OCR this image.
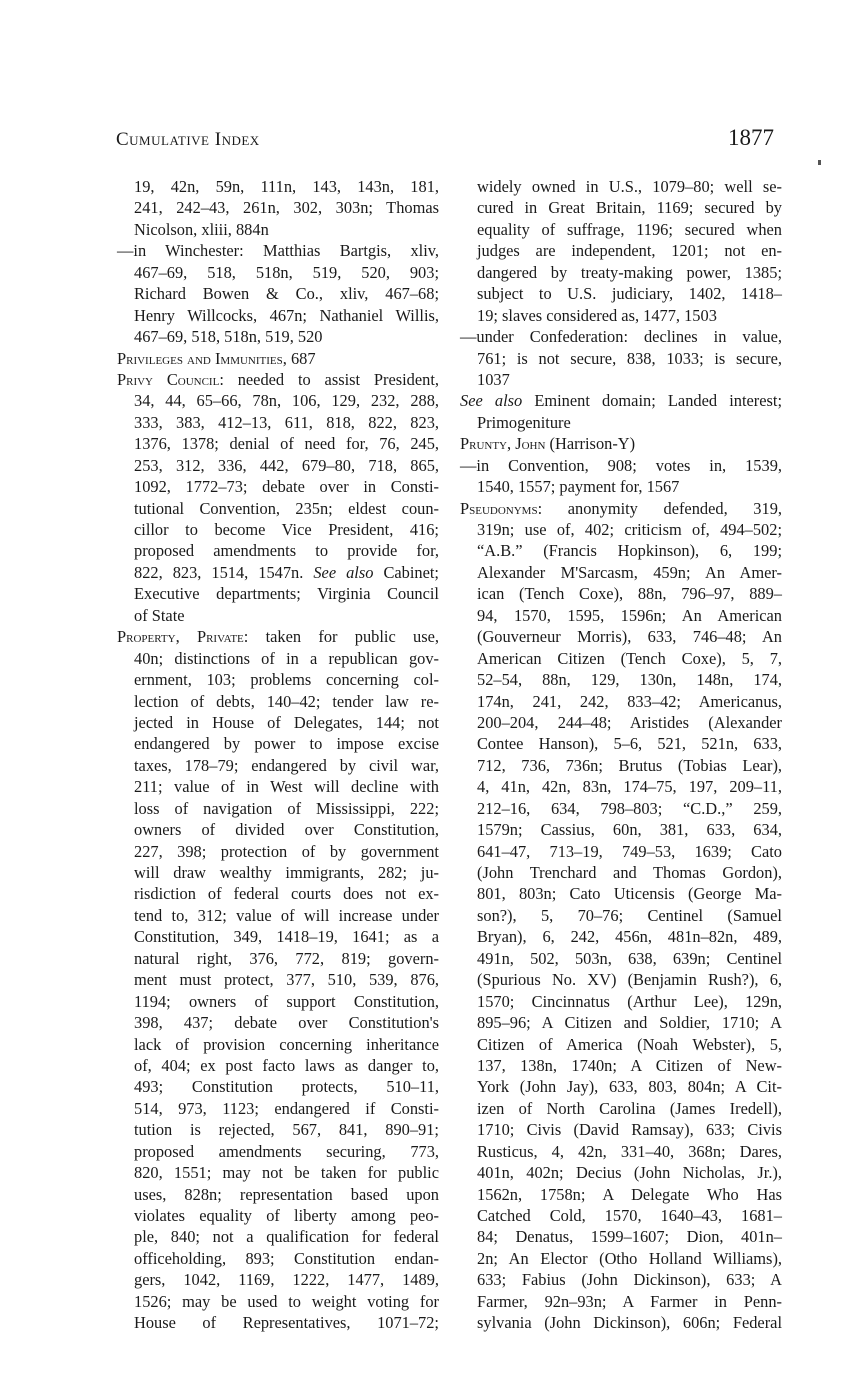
Cumulative Index	1877
19, 42n, 59n, 111n, 143, 143n, 181,
241, 242–43, 261n, 302, 303n; Thomas
Nicolson, xliii, 884n
—in Winchester: Matthias Bartgis, xliv,
467–69, 518, 518n, 519, 520, 903;
Richard Bowen & Co., xliv, 467–68;
Henry Willcocks, 467n; Nathaniel Willis,
467–69, 518, 518n, 519, 520
Privileges and Immunities, 687
Privy Council: needed to assist President,
34, 44, 65–66, 78n, 106, 129, 232, 288,
333, 383, 412–13, 611, 818, 822, 823,
1376, 1378; denial of need for, 76, 245,
253, 312, 336, 442, 679–80, 718, 865,
1092, 1772–73; debate over in Consti-
tutional Convention, 235n; eldest coun-
cillor to become Vice President, 416;
proposed amendments to provide for,
822, 823, 1514, 1547n. See also Cabinet;
Executive departments; Virginia Council
of State
Property, Private: taken for public use,
40n; distinctions of in a republican gov-
ernment, 103; problems concerning col-
lection of debts, 140–42; tender law re-
jected in House of Delegates, 144; not
endangered by power to impose excise
taxes, 178–79; endangered by civil war,
211; value of in West will decline with
loss of navigation of Mississippi, 222;
owners of divided over Constitution,
227, 398; protection of by government
will draw wealthy immigrants, 282; ju-
risdiction of federal courts does not ex-
tend to, 312; value of will increase under
Constitution, 349, 1418–19, 1641; as a
natural right, 376, 772, 819; govern-
ment must protect, 377, 510, 539, 876,
1194; owners of support Constitution,
398, 437; debate over Constitution's
lack of provision concerning inheritance
of, 404; ex post facto laws as danger to,
493; Constitution protects, 510–11,
514, 973, 1123; endangered if Consti-
tution is rejected, 567, 841, 890–91;
proposed amendments securing, 773,
820, 1551; may not be taken for public
uses, 828n; representation based upon
violates equality of liberty among peo-
ple, 840; not a qualification for federal
officeholding, 893; Constitution endan-
gers, 1042, 1169, 1222, 1477, 1489,
1526; may be used to weight voting for
House of Representatives, 1071–72;
widely owned in U.S., 1079–80; well se-
cured in Great Britain, 1169; secured by
equality of suffrage, 1196; secured when
judges are independent, 1201; not en-
dangered by treaty-making power, 1385;
subject to U.S. judiciary, 1402, 1418–
19; slaves considered as, 1477, 1503
—under Confederation: declines in value,
761; is not secure, 838, 1033; is secure,
1037
See also Eminent domain; Landed interest;
Primogeniture
Prunty, John (Harrison-Y)
—in Convention, 908; votes in, 1539,
1540, 1557; payment for, 1567
Pseudonyms: anonymity defended, 319,
319n; use of, 402; criticism of, 494–502;
“A.B.” (Francis Hopkinson), 6, 199;
Alexander M'Sarcasm, 459n; An Amer-
ican (Tench Coxe), 88n, 796–97, 889–
94, 1570, 1595, 1596n; An American
(Gouverneur Morris), 633, 746–48; An
American Citizen (Tench Coxe), 5, 7,
52–54, 88n, 129, 130n, 148n, 174,
174n, 241, 242, 833–42; Americanus,
200–204, 244–48; Aristides (Alexander
Contee Hanson), 5–6, 521, 521n, 633,
712, 736, 736n; Brutus (Tobias Lear),
4, 41n, 42n, 83n, 174–75, 197, 209–11,
212–16, 634, 798–803; “C.D.,” 259,
1579n; Cassius, 60n, 381, 633, 634,
641–47, 713–19, 749–53, 1639; Cato
(John Trenchard and Thomas Gordon),
801, 803n; Cato Uticensis (George Ma-
son?), 5, 70–76; Centinel (Samuel
Bryan), 6, 242, 456n, 481n–82n, 489,
491n, 502, 503n, 638, 639n; Centinel
(Spurious No. XV) (Benjamin Rush?), 6,
1570; Cincinnatus (Arthur Lee), 129n,
895–96; A Citizen and Soldier, 1710; A
Citizen of America (Noah Webster), 5,
137, 138n, 1740n; A Citizen of New-
York (John Jay), 633, 803, 804n; A Cit-
izen of North Carolina (James Iredell),
1710; Civis (David Ramsay), 633; Civis
Rusticus, 4, 42n, 331–40, 368n; Dares,
401n, 402n; Decius (John Nicholas, Jr.),
1562n, 1758n; A Delegate Who Has
Catched Cold, 1570, 1640–43, 1681–
84; Denatus, 1599–1607; Dion, 401n–
2n; An Elector (Otho Holland Williams),
633; Fabius (John Dickinson), 633; A
Farmer, 92n–93n; A Farmer in Penn-
sylvania (John Dickinson), 606n; Federal
